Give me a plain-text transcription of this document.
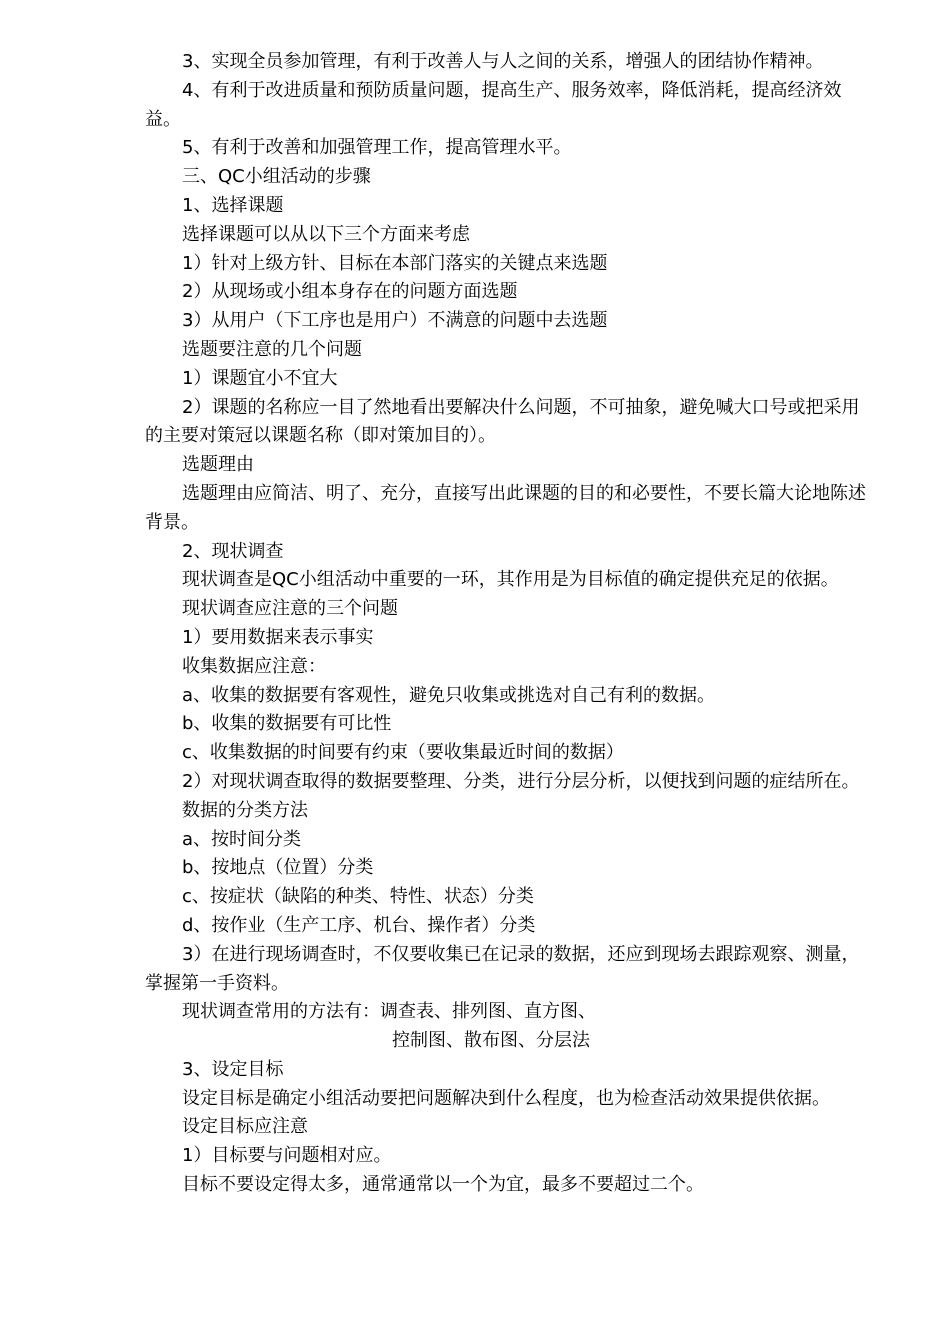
3、实现全员参加管理，有利于改善人与人之间的关系，增强人的团结协作精神。

4、有利于改进质量和预防质量问题，提高生产、服务效率，降低消耗，提高经济效益。

5、有利于改善和加强管理工作，提高管理水平。

三、QC小组活动的步骤

1、选择课题

选择课题可以从以下三个方面来考虑

1）针对上级方针、目标在本部门落实的关键点来选题

2）从现场或小组本身存在的问题方面选题

3）从用户（下工序也是用户）不满意的问题中去选题

选题要注意的几个问题

1）课题宜小不宜大

2）课题的名称应一目了然地看出要解决什么问题，不可抽象，避免喊大口号或把采用的主要对策冠以课题名称（即对策加目的）。

选题理由

选题理由应简洁、明了、充分，直接写出此课题的目的和必要性，不要长篇大论地陈述背景。

2、现状调查

现状调查是QC小组活动中重要的一环，其作用是为目标值的确定提供充足的依据。

现状调查应注意的三个问题

1）要用数据来表示事实

收集数据应注意：

a、收集的数据要有客观性，避免只收集或挑选对自己有利的数据。

b、收集的数据要有可比性

c、收集数据的时间要有约束（要收集最近时间的数据）

2）对现状调查取得的数据要整理、分类，进行分层分析，以便找到问题的症结所在。

数据的分类方法

a、按时间分类

b、按地点（位置）分类

c、按症状（缺陷的种类、特性、状态）分类

d、按作业（生产工序、机台、操作者）分类

3）在进行现场调查时，不仅要收集已在记录的数据，还应到现场去跟踪观察、测量，掌握第一手资料。

现状调查常用的方法有：调查表、排列图、直方图、

控制图、散布图、分层法

3、设定目标

设定目标是确定小组活动要把问题解决到什么程度，也为检查活动效果提供依据。

设定目标应注意

1）目标要与问题相对应。

目标不要设定得太多，通常通常以一个为宜，最多不要超过二个。
